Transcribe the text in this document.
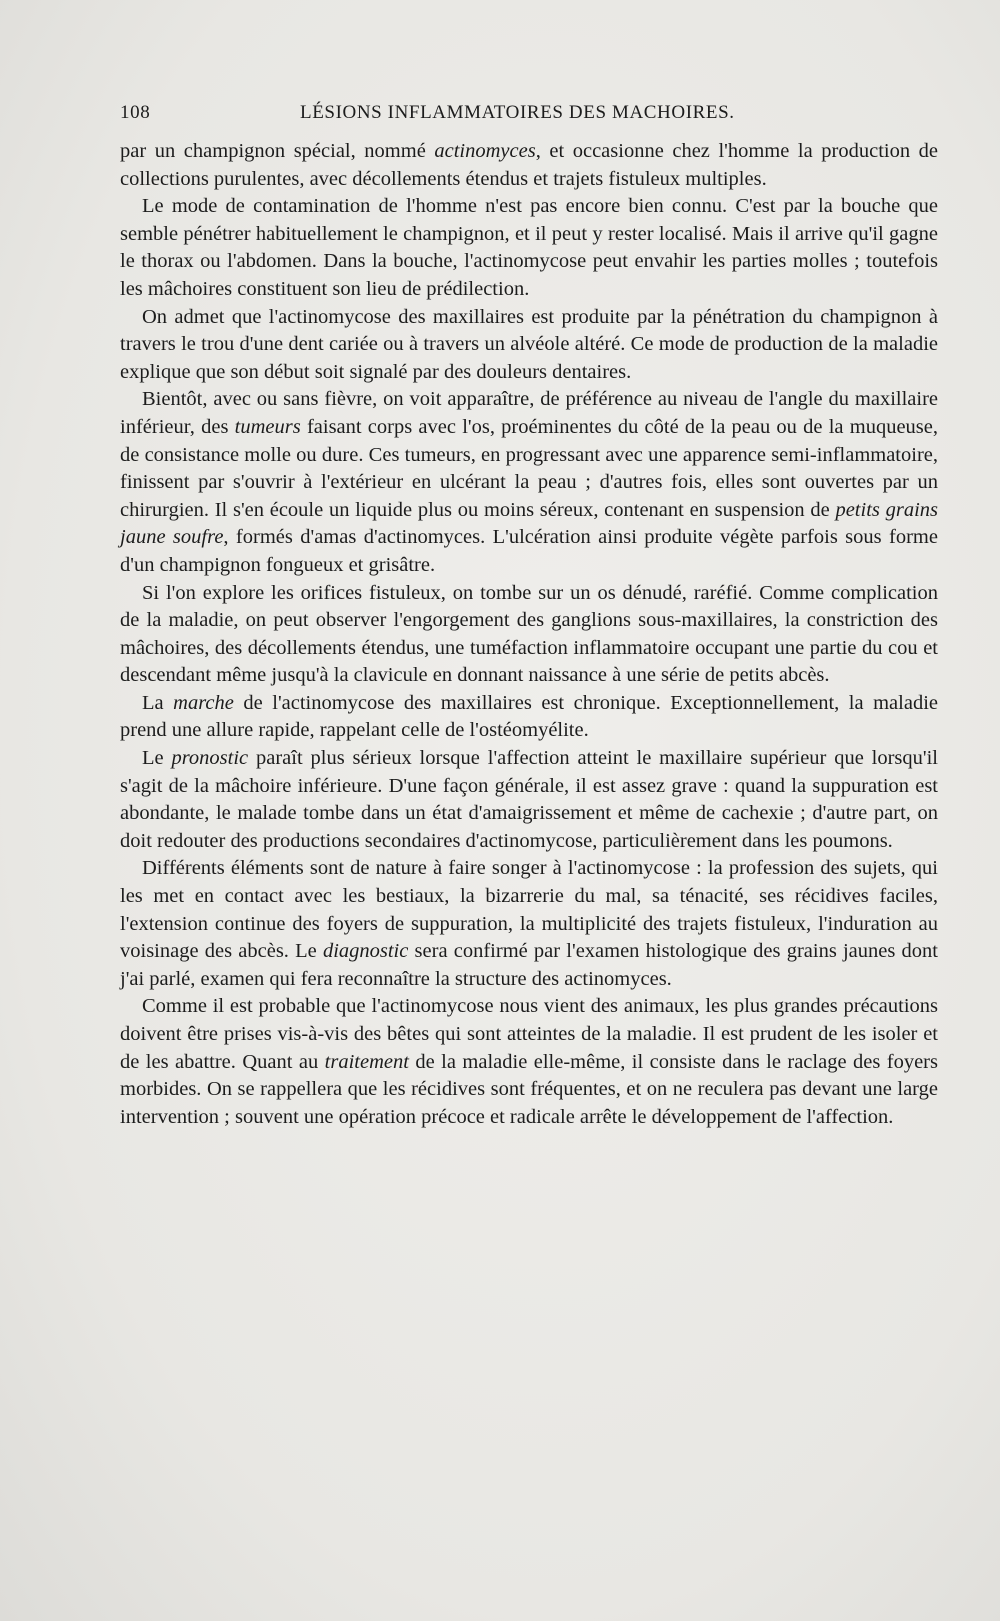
108	LÉSIONS INFLAMMATOIRES DES MACHOIRES.

par un champignon spécial, nommé actinomyces, et occasionne chez l'homme la production de collections purulentes, avec décollements étendus et trajets fistuleux multiples.

Le mode de contamination de l'homme n'est pas encore bien connu. C'est par la bouche que semble pénétrer habituellement le champignon, et il peut y rester localisé. Mais il arrive qu'il gagne le thorax ou l'abdomen. Dans la bouche, l'actinomycose peut envahir les parties molles ; toutefois les mâchoires constituent son lieu de prédilection.

On admet que l'actinomycose des maxillaires est produite par la pénétration du champignon à travers le trou d'une dent cariée ou à travers un alvéole altéré. Ce mode de production de la maladie explique que son début soit signalé par des douleurs dentaires.

Bientôt, avec ou sans fièvre, on voit apparaître, de préférence au niveau de l'angle du maxillaire inférieur, des tumeurs faisant corps avec l'os, proéminentes du côté de la peau ou de la muqueuse, de consistance molle ou dure. Ces tumeurs, en progressant avec une apparence semi-inflammatoire, finissent par s'ouvrir à l'extérieur en ulcérant la peau ; d'autres fois, elles sont ouvertes par un chirurgien. Il s'en écoule un liquide plus ou moins séreux, contenant en suspension de petits grains jaune soufre, formés d'amas d'actinomyces. L'ulcération ainsi produite végète parfois sous forme d'un champignon fongueux et grisâtre.

Si l'on explore les orifices fistuleux, on tombe sur un os dénudé, raréfié. Comme complication de la maladie, on peut observer l'engorgement des ganglions sous-maxillaires, la constriction des mâchoires, des décollements étendus, une tuméfaction inflammatoire occupant une partie du cou et descendant même jusqu'à la clavicule en donnant naissance à une série de petits abcès.

La marche de l'actinomycose des maxillaires est chronique. Exceptionnellement, la maladie prend une allure rapide, rappelant celle de l'ostéomyélite.

Le pronostic paraît plus sérieux lorsque l'affection atteint le maxillaire supérieur que lorsqu'il s'agit de la mâchoire inférieure. D'une façon générale, il est assez grave : quand la suppuration est abondante, le malade tombe dans un état d'amaigrissement et même de cachexie ; d'autre part, on doit redouter des productions secondaires d'actinomycose, particulièrement dans les poumons.

Différents éléments sont de nature à faire songer à l'actinomycose : la profession des sujets, qui les met en contact avec les bestiaux, la bizarrerie du mal, sa ténacité, ses récidives faciles, l'extension continue des foyers de suppuration, la multiplicité des trajets fistuleux, l'induration au voisinage des abcès. Le diagnostic sera confirmé par l'examen histologique des grains jaunes dont j'ai parlé, examen qui fera reconnaître la structure des actinomyces.

Comme il est probable que l'actinomycose nous vient des animaux, les plus grandes précautions doivent être prises vis-à-vis des bêtes qui sont atteintes de la maladie. Il est prudent de les isoler et de les abattre. Quant au traitement de la maladie elle-même, il consiste dans le raclage des foyers morbides. On se rappellera que les récidives sont fréquentes, et on ne reculera pas devant une large intervention ; souvent une opération précoce et radicale arrête le développement de l'affection.
